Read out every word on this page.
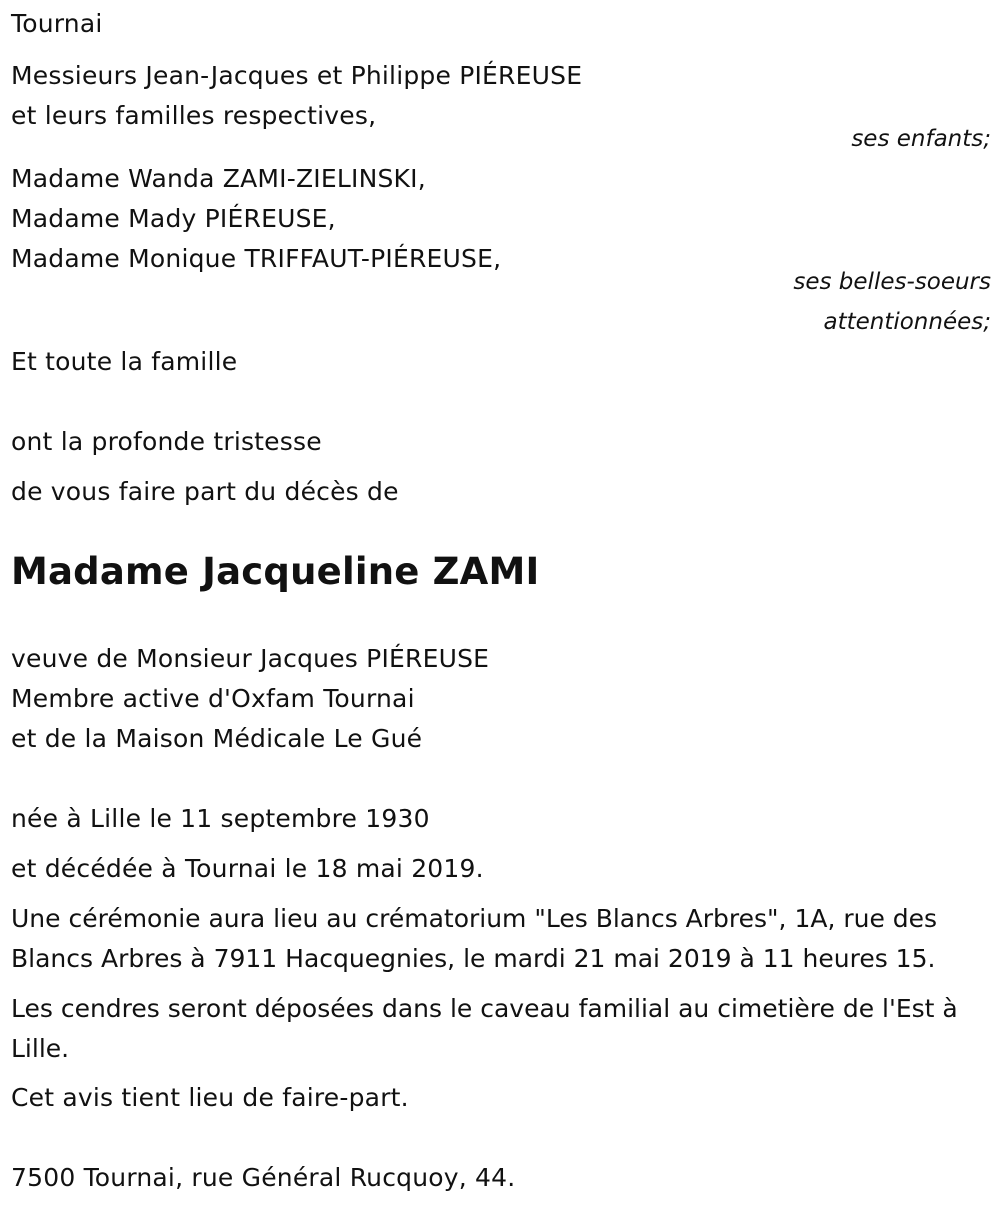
Tournai
Messieurs Jean-Jacques et Philippe PIÉREUSE
et leurs familles respectives,
ses enfants;
Madame Wanda ZAMI-ZIELINSKI,
Madame Mady PIÉREUSE,
Madame Monique TRIFFAUT-PIÉREUSE,
ses belles-soeurs
attentionnées;
Et toute la famille
ont la profonde tristesse
de vous faire part du décès de
Madame Jacqueline ZAMI
veuve de Monsieur Jacques PIÉREUSE
Membre active d'Oxfam Tournai
et de la Maison Médicale Le Gué
née à Lille le 11 septembre 1930
et décédée à Tournai le 18 mai 2019.
Une cérémonie aura lieu au crématorium "Les Blancs Arbres", 1A, rue des Blancs Arbres à 7911 Hacquegnies, le mardi 21 mai 2019 à 11 heures 15.
Les cendres seront déposées dans le caveau familial au cimetière de l'Est à Lille.
Cet avis tient lieu de faire-part.
7500 Tournai, rue Général Rucquoy, 44.
